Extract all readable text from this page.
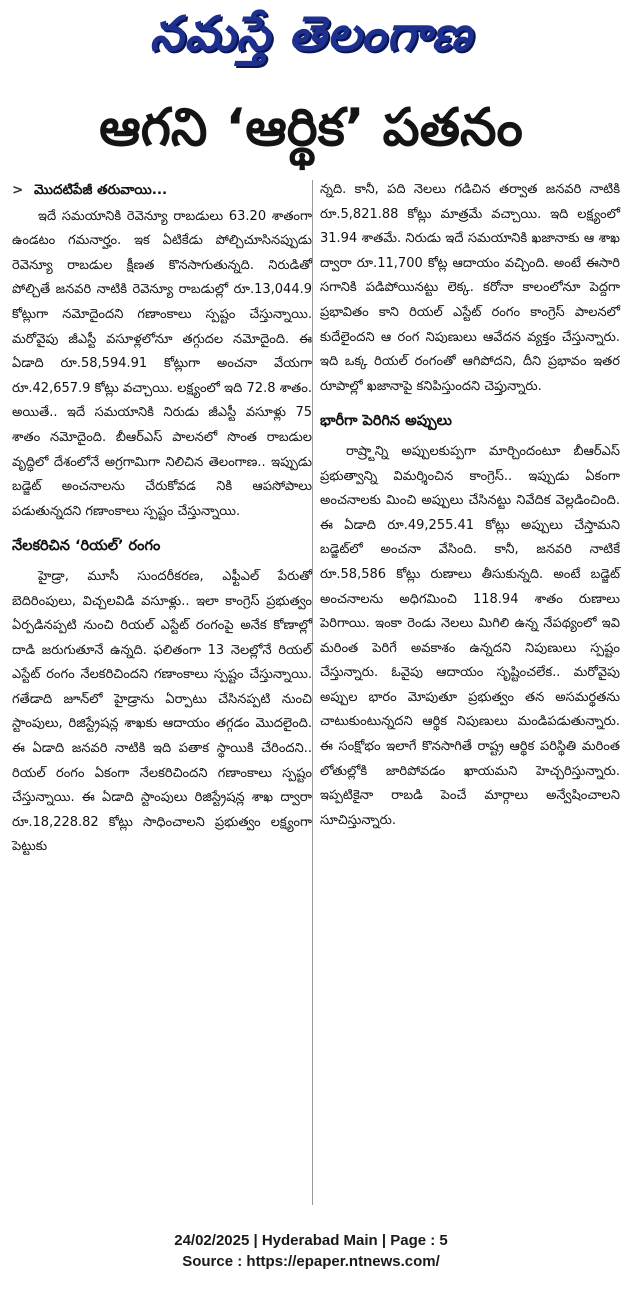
నమస్తే తెలంగాణ
ఆగని ‘ఆర్థిక’ పతనం

> మొదటిపేజీ తరువాయి...

ఇదే సమయానికి రెవెన్యూ రాబడులు 63.20 శాతంగా ఉండటం గమనార్హం. ఇక ఏటికేడు పోల్చిచూసినప్పుడు రెవెన్యూ రాబడుల క్షీణత కొనసాగుతున్నది. నిరుడితో పోల్చితే జనవరి నాటికి రెవెన్యూ రాబడుల్లో రూ.13,044.9 కోట్లుగా నమోదైందని గణాంకాలు స్పష్టం చేస్తున్నాయి. మరోవైపు జీఎస్టీ వసూళ్లలోనూ తగ్గుదల నమోదైంది. ఈ ఏడాది రూ.58,594.91 కోట్లుగా అంచనా వేయగా రూ.42,657.9 కోట్లు వచ్చాయి. లక్ష్యంలో ఇది 72.8 శాతం. అయితే.. ఇదే సమయానికి నిరుడు జీఎస్టీ వసూళ్లు 75 శాతం నమోదైంది. బీఆర్ఎస్ పాలనలో సొంత రాబడుల వృద్ధిలో దేశంలోనే అగ్రగామిగా నిలిచిన తెలంగాణ.. ఇప్పుడు బడ్జెట్ అంచనాలను చేరుకోవడ నికి ఆపసోపాలు పడుతున్నదని గణాంకాలు స్పష్టం చేస్తున్నాయి.

నేలకరిచిన ‘రియల్’ రంగం

హైడ్రా, మూసీ సుందరీకరణ, ఎఫ్టీఎల్ పేరుతో బెదిరింపులు, విచ్చలవిడి వసూళ్లు.. ఇలా కాంగ్రెస్ ప్రభుత్వం ఏర్పడినప్పటి నుంచి రియల్ ఎస్టేట్ రంగంపై అనేక కోణాల్లో దాడి జరుగుతూనే ఉన్నది. ఫలితంగా 13 నెలల్లోనే రియల్ ఎస్టేట్ రంగం నేలకరిచిందని గణాంకాలు స్పష్టం చేస్తున్నాయి. గతేడాది జూన్‌లో హైడ్రాను ఏర్పాటు చేసినప్పటి నుంచి స్టాంపులు, రిజిస్ట్రేషన్ల శాఖకు ఆదాయం తగ్గడం మొదలైంది. ఈ ఏడాది జనవరి నాటికి ఇది పతాక స్థాయికి చేరిందని.. రియల్ రంగం ఏకంగా నేలకరిచిందని గణాంకాలు స్పష్టం చేస్తున్నాయి. ఈ ఏడాది స్టాంపులు రిజిస్ట్రేషన్ల శాఖ ద్వారా రూ.18,228.82 కోట్లు సాధించాలని ప్రభుత్వం లక్ష్యంగా పెట్టుకు

న్నది. కానీ, పది నెలలు గడిచిన తర్వాత జనవరి నాటికి రూ.5,821.88 కోట్లు మాత్రమే వచ్చాయి. ఇది లక్ష్యంలో 31.94 శాతమే. నిరుడు ఇదే సమయానికి ఖజానాకు ఆ శాఖ ద్వారా రూ.11,700 కోట్ల ఆదాయం వచ్చింది. అంటే ఈసారి సగానికి పడిపోయినట్టు లెక్క. కరోనా కాలంలోనూ పెద్దగా ప్రభావితం కాని రియల్ ఎస్టేట్ రంగం కాంగ్రెస్ పాలనలో కుదేలైందని ఆ రంగ నిపుణులు ఆవేదన వ్యక్తం చేస్తున్నారు. ఇది ఒక్క రియల్ రంగంతో ఆగిపోదని, దీని ప్రభావం ఇతర రూపాల్లో ఖజానాపై కనిపిస్తుందని చెప్తున్నారు.

భారీగా పెరిగిన అప్పులు

రాష్ర్టాన్ని అప్పులకుప్పగా మార్చిందంటూ బీఆర్ఎస్ ప్రభుత్వాన్ని విమర్శించిన కాంగ్రెస్.. ఇప్పుడు ఏకంగా అంచనాలకు మించి అప్పులు చేసినట్టు నివేదిక వెల్లడించింది. ఈ ఏడాది రూ.49,255.41 కోట్లు అప్పులు చేస్తామని బడ్జెట్‌లో అంచనా వేసింది. కానీ, జనవరి నాటికే రూ.58,586 కోట్లు రుణాలు తీసుకున్నది. అంటే బడ్జెట్ అంచనాలను అధిగమించి 118.94 శాతం రుణాలు పెరిగాయి. ఇంకా రెండు నెలలు మిగిలి ఉన్న నేపథ్యంలో ఇవి మరింత పెరిగే అవకాశం ఉన్నదని నిపుణులు స్పష్టం చేస్తున్నారు. ఓవైపు ఆదాయం సృష్టించలేక.. మరోవైపు అప్పుల భారం మోపుతూ ప్రభుత్వం తన అసమర్థతను చాటుకుంటున్నదని ఆర్థిక నిపుణులు మండిపడుతున్నారు. ఈ సంక్షోభం ఇలాగే కొనసాగితే రాష్ట్ర ఆర్థిక పరిస్థితి మరింత లోతుల్లోకి జారిపోవడం ఖాయమని హెచ్చరిస్తున్నారు. ఇప్పటికైనా రాబడి పెంచే మార్గాలు అన్వేషించాలని సూచిస్తున్నారు.

24/02/2025 | Hyderabad Main | Page : 5
Source : https://epaper.ntnews.com/
